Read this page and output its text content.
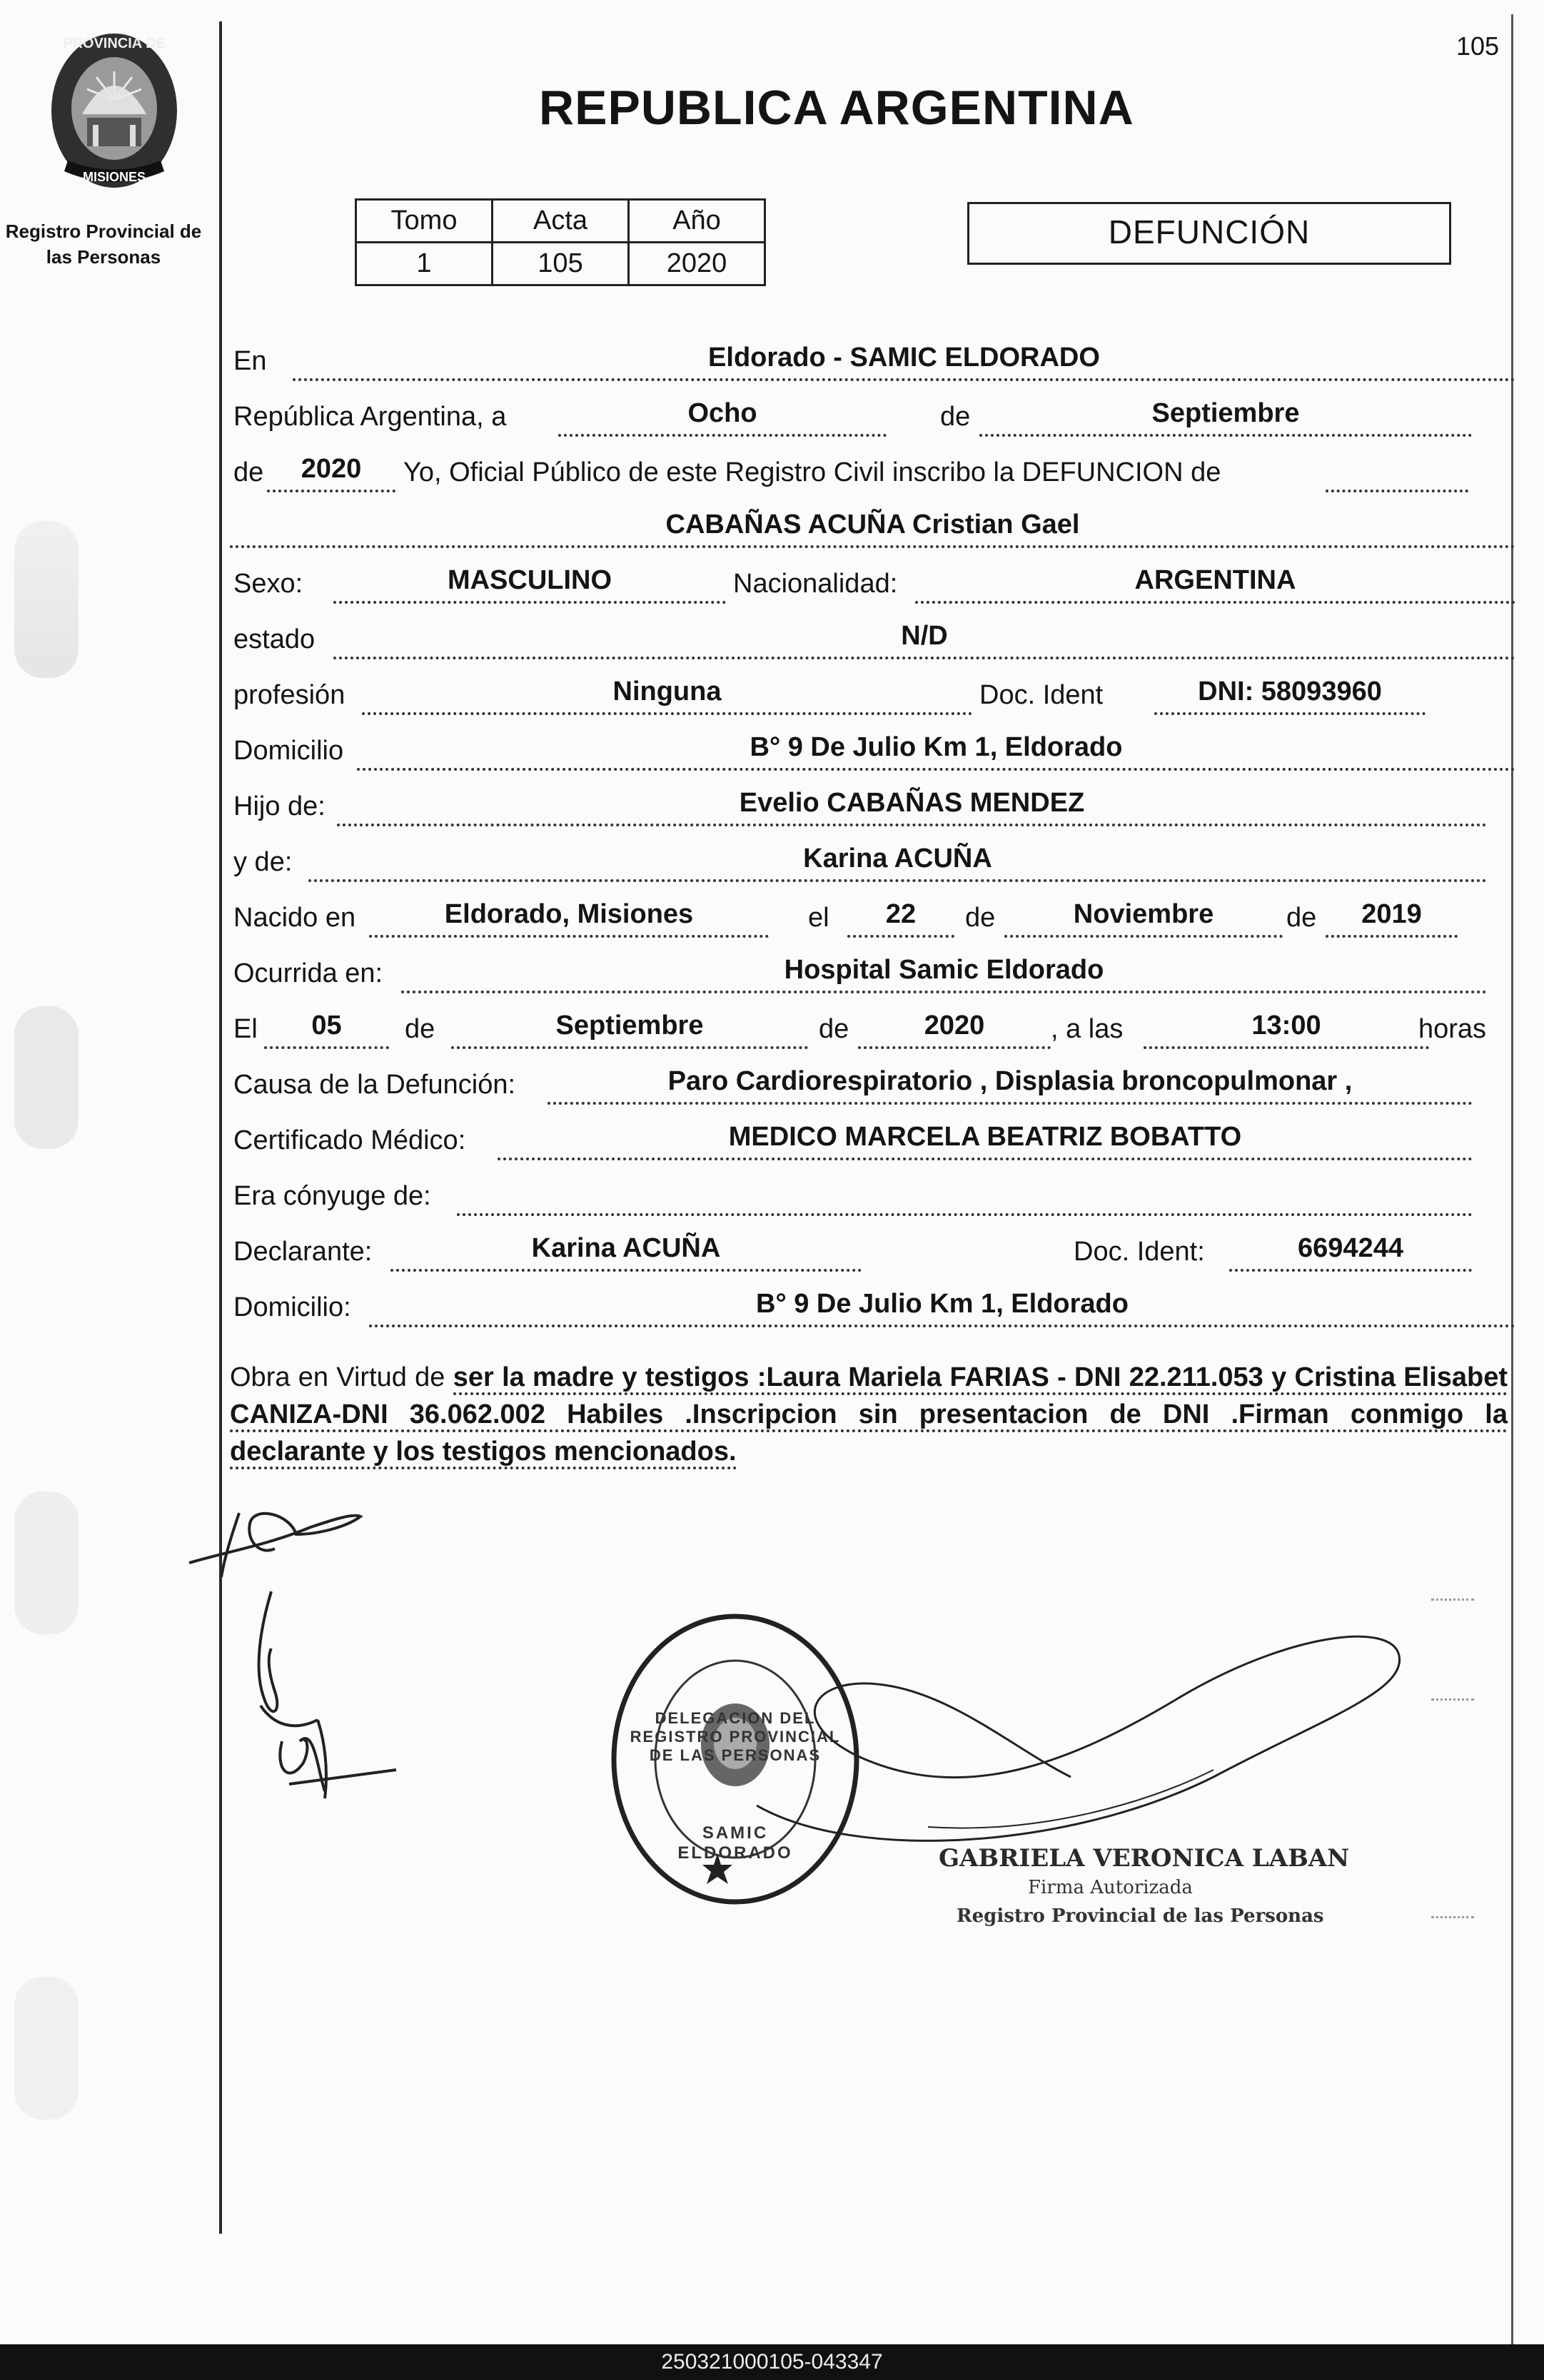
PROVINCIA DE
MISIONES
Registro Provincial de
las Personas
105
REPUBLICA ARGENTINA
Tomo	Acta	Año
1	105	2020
DEFUNCIÓN
En	Eldorado - SAMIC ELDORADO
República Argentina, a	Ocho	de	Septiembre
de	2020	Yo, Oficial Público de este Registro Civil inscribo la DEFUNCION de
CABAÑAS ACUÑA Cristian Gael
Sexo:	MASCULINO	Nacionalidad:	ARGENTINA
estado	N/D
profesión	Ninguna	Doc. Ident	DNI: 58093960
Domicilio	B° 9 De Julio Km 1, Eldorado
Hijo de:	Evelio CABAÑAS MENDEZ
y de:	Karina ACUÑA
Nacido en	Eldorado, Misiones	el	22	de	Noviembre	de	2019
Ocurrida en:	Hospital Samic Eldorado
El	05	de	Septiembre	de	2020	, a las	13:00	horas
Causa de la Defunción:	Paro Cardiorespiratorio , Displasia broncopulmonar ,
Certificado Médico:	MEDICO MARCELA BEATRIZ BOBATTO
Era cónyuge de:
Declarante:	Karina ACUÑA	Doc. Ident:	6694244
Domicilio:	B° 9 De Julio Km 1, Eldorado
Obra en Virtud de ser la madre y testigos :Laura Mariela FARIAS - DNI 22.211.053 y Cristina Elisabet CANIZA-DNI 36.062.002 Habiles .Inscripcion sin presentacion de DNI .Firman conmigo la declarante y los testigos mencionados.
DELEGACION DEL REGISTRO PROVINCIAL DE LAS PERSONAS
SAMIC ELDORADO	GABRIELA VERONICA LABAN
Firma Autorizada
Registro Provincial de las Personas
250321000105-043347
